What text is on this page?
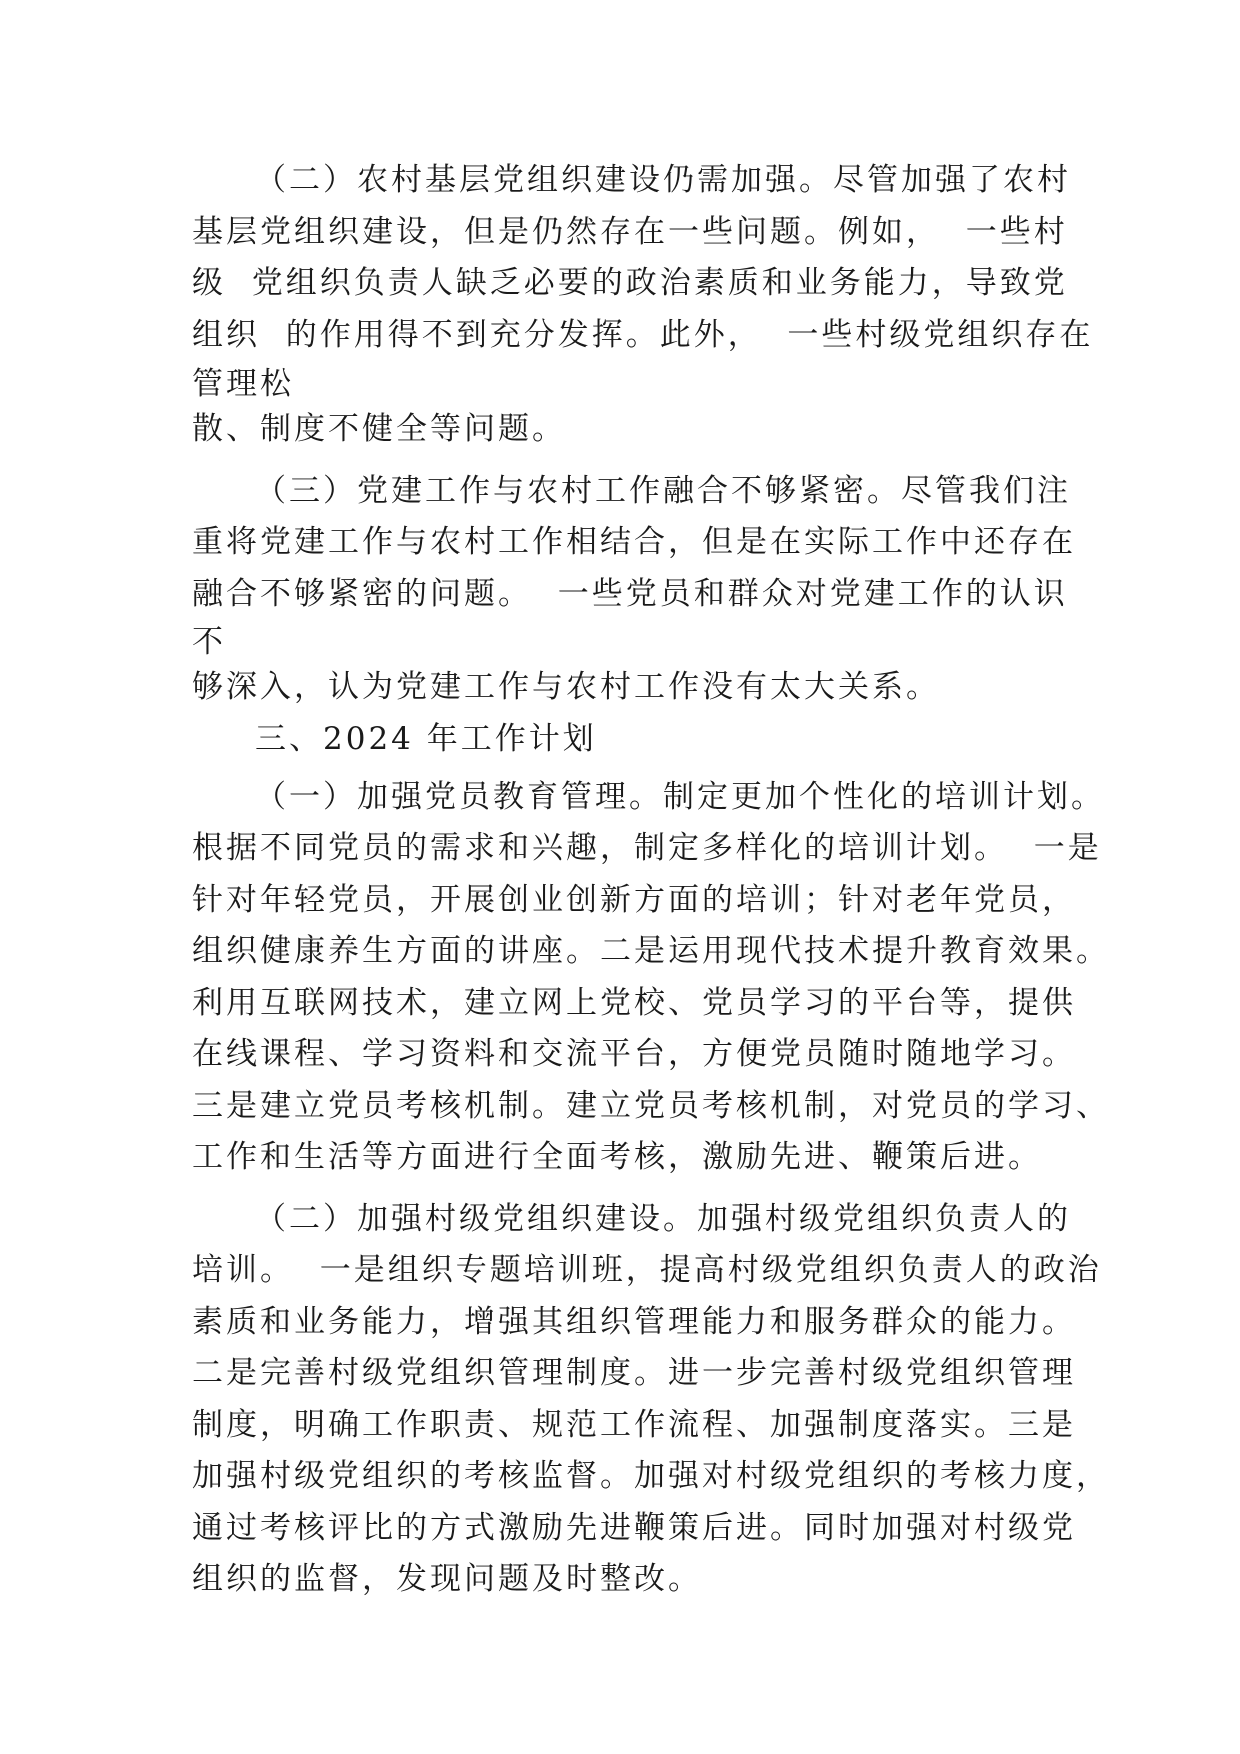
（二）农村基层党组织建设仍需加强。尽管加强了农村
基层党组织建设，但是仍然存在一些问题。例如，  一些村
级  党组织负责人缺乏必要的政治素质和业务能力，导致党
组织  的作用得不到充分发挥。此外，  一些村级党组织存在
管理松
散、制度不健全等问题。
（三）党建工作与农村工作融合不够紧密。尽管我们注
重将党建工作与农村工作相结合，但是在实际工作中还存在
融合不够紧密的问题。  一些党员和群众对党建工作的认识
不
够深入，认为党建工作与农村工作没有太大关系。
三、2024 年工作计划
（一）加强党员教育管理。制定更加个性化的培训计划。
根据不同党员的需求和兴趣，制定多样化的培训计划。  一是
针对年轻党员，开展创业创新方面的培训；针对老年党员，
组织健康养生方面的讲座。二是运用现代技术提升教育效果。
利用互联网技术，建立网上党校、党员学习的平台等，提供
在线课程、学习资料和交流平台，方便党员随时随地学习。
三是建立党员考核机制。建立党员考核机制，对党员的学习、
工作和生活等方面进行全面考核，激励先进、鞭策后进。
（二）加强村级党组织建设。加强村级党组织负责人的
培训。  一是组织专题培训班，提高村级党组织负责人的政治
素质和业务能力，增强其组织管理能力和服务群众的能力。
二是完善村级党组织管理制度。进一步完善村级党组织管理
制度，明确工作职责、规范工作流程、加强制度落实。三是
加强村级党组织的考核监督。加强对村级党组织的考核力度，
通过考核评比的方式激励先进鞭策后进。同时加强对村级党
组织的监督，发现问题及时整改。
